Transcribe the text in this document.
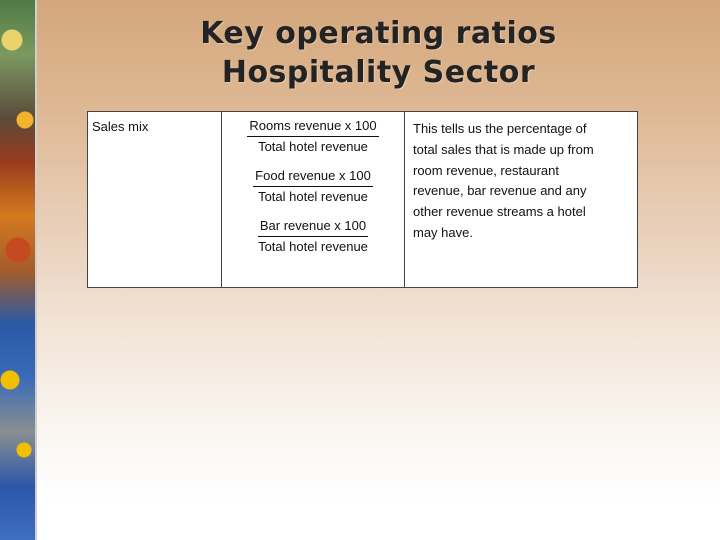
Key operating ratios
Hospitality Sector
Sales mix	Rooms revenue x 100
Total hotel revenue
Food revenue x 100
Total hotel revenue
Bar revenue x 100
Total hotel revenue
This tells us the percentage of
total sales that is made up from
room revenue, restaurant
revenue, bar revenue and any
other revenue streams a hotel
may have.
